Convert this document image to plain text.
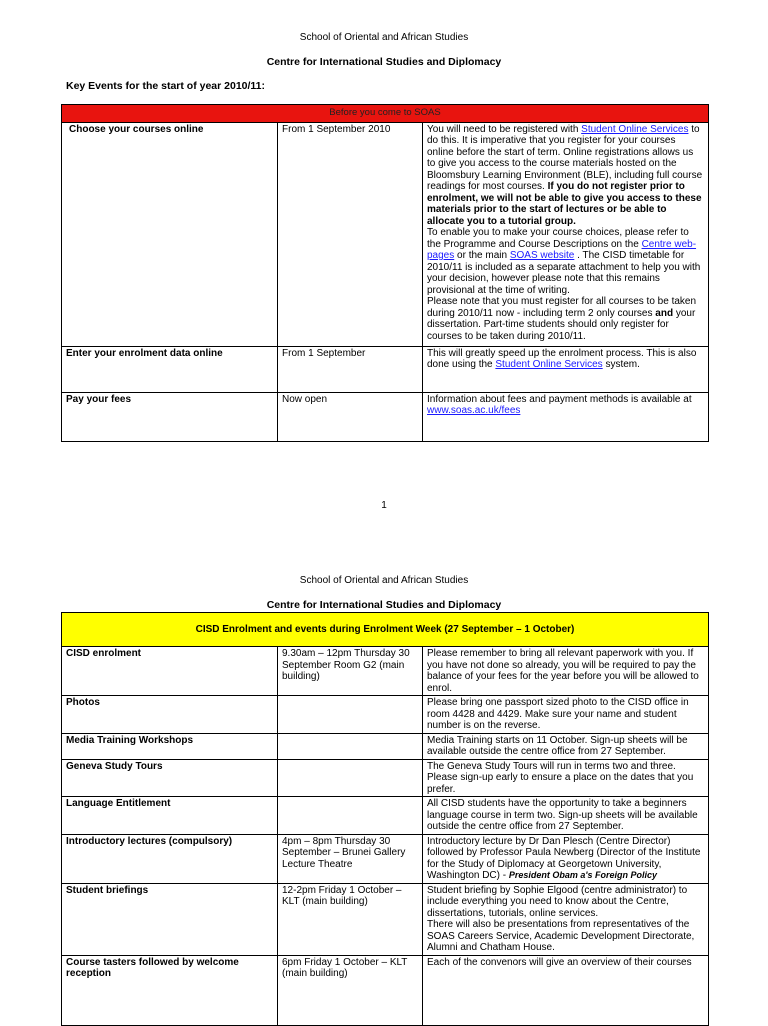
School of Oriental and African Studies
Centre for International Studies and Diplomacy
Key Events for the start of year 2010/11:
Before you come to SOAS		
Choose your courses online	From 1 September 2010	You will need to be registered with Student Online Services to do this. It is imperative that you register for your courses online before the start of term. Online registrations allows us to give you access to the course materials hosted on the Bloomsbury Learning Environment (BLE), including full course readings for most courses. If you do not register prior to enrolment, we will not be able to give you access to these materials prior to the start of lectures or be able to allocate you to a tutorial group.
To enable you to make your course choices, please refer to the Programme and Course Descriptions on the Centre web-pages or the main SOAS website . The CISD timetable for 2010/11 is included as a separate attachment to help you with your decision, however please note that this remains provisional at the time of writing.
Please note that you must register for all courses to be taken during 2010/11 now - including term 2 only courses and your dissertation. Part-time students should only register for courses to be taken during 2010/11.
Enter your enrolment data online	From 1 September	This will greatly speed up the enrolment process. This is also done using the Student Online Services system.
Pay your fees	Now open	Information about fees and payment methods is available at www.soas.ac.uk/fees
1
School of Oriental and African Studies
Centre for International Studies and Diplomacy
CISD Enrolment and events during Enrolment Week (27 September – 1 October)		
CISD enrolment	9.30am – 12pm Thursday 30 September Room G2 (main building)	Please remember to bring all relevant paperwork with you. If you have not done so already, you will be required to pay the balance of your fees for the year before you will be allowed to enrol.
Photos		Please bring one passport sized photo to the CISD office in room 4428 and 4429. Make sure your name and student number is on the reverse.
Media Training Workshops		Media Training starts on 11 October. Sign-up sheets will be available outside the centre office from 27 September.
Geneva Study Tours		The Geneva Study Tours will run in terms two and three. Please sign-up early to ensure a place on the dates that you prefer.
Language Entitlement		All CISD students have the opportunity to take a beginners language course in term two. Sign-up sheets will be available outside the centre office from 27 September.
Introductory lectures (compulsory)	4pm – 8pm Thursday 30 September – Brunei Gallery Lecture Theatre	Introductory lecture by Dr Dan Plesch (Centre Director) followed by Professor Paula Newberg (Director of the Institute for the Study of Diplomacy at Georgetown University, Washington DC) - President Obam a's Foreign Policy
Student briefings	12-2pm Friday 1 October – KLT (main building)	Student briefing by Sophie Elgood (centre administrator) to include everything you need to know about the Centre, dissertations, tutorials, online services.
There will also be presentations from representatives of the SOAS Careers Service, Academic Development Directorate, Alumni and Chatham House.
Course tasters followed by welcome reception	6pm Friday 1 October – KLT (main building)	Each of the convenors will give an overview of their courses
